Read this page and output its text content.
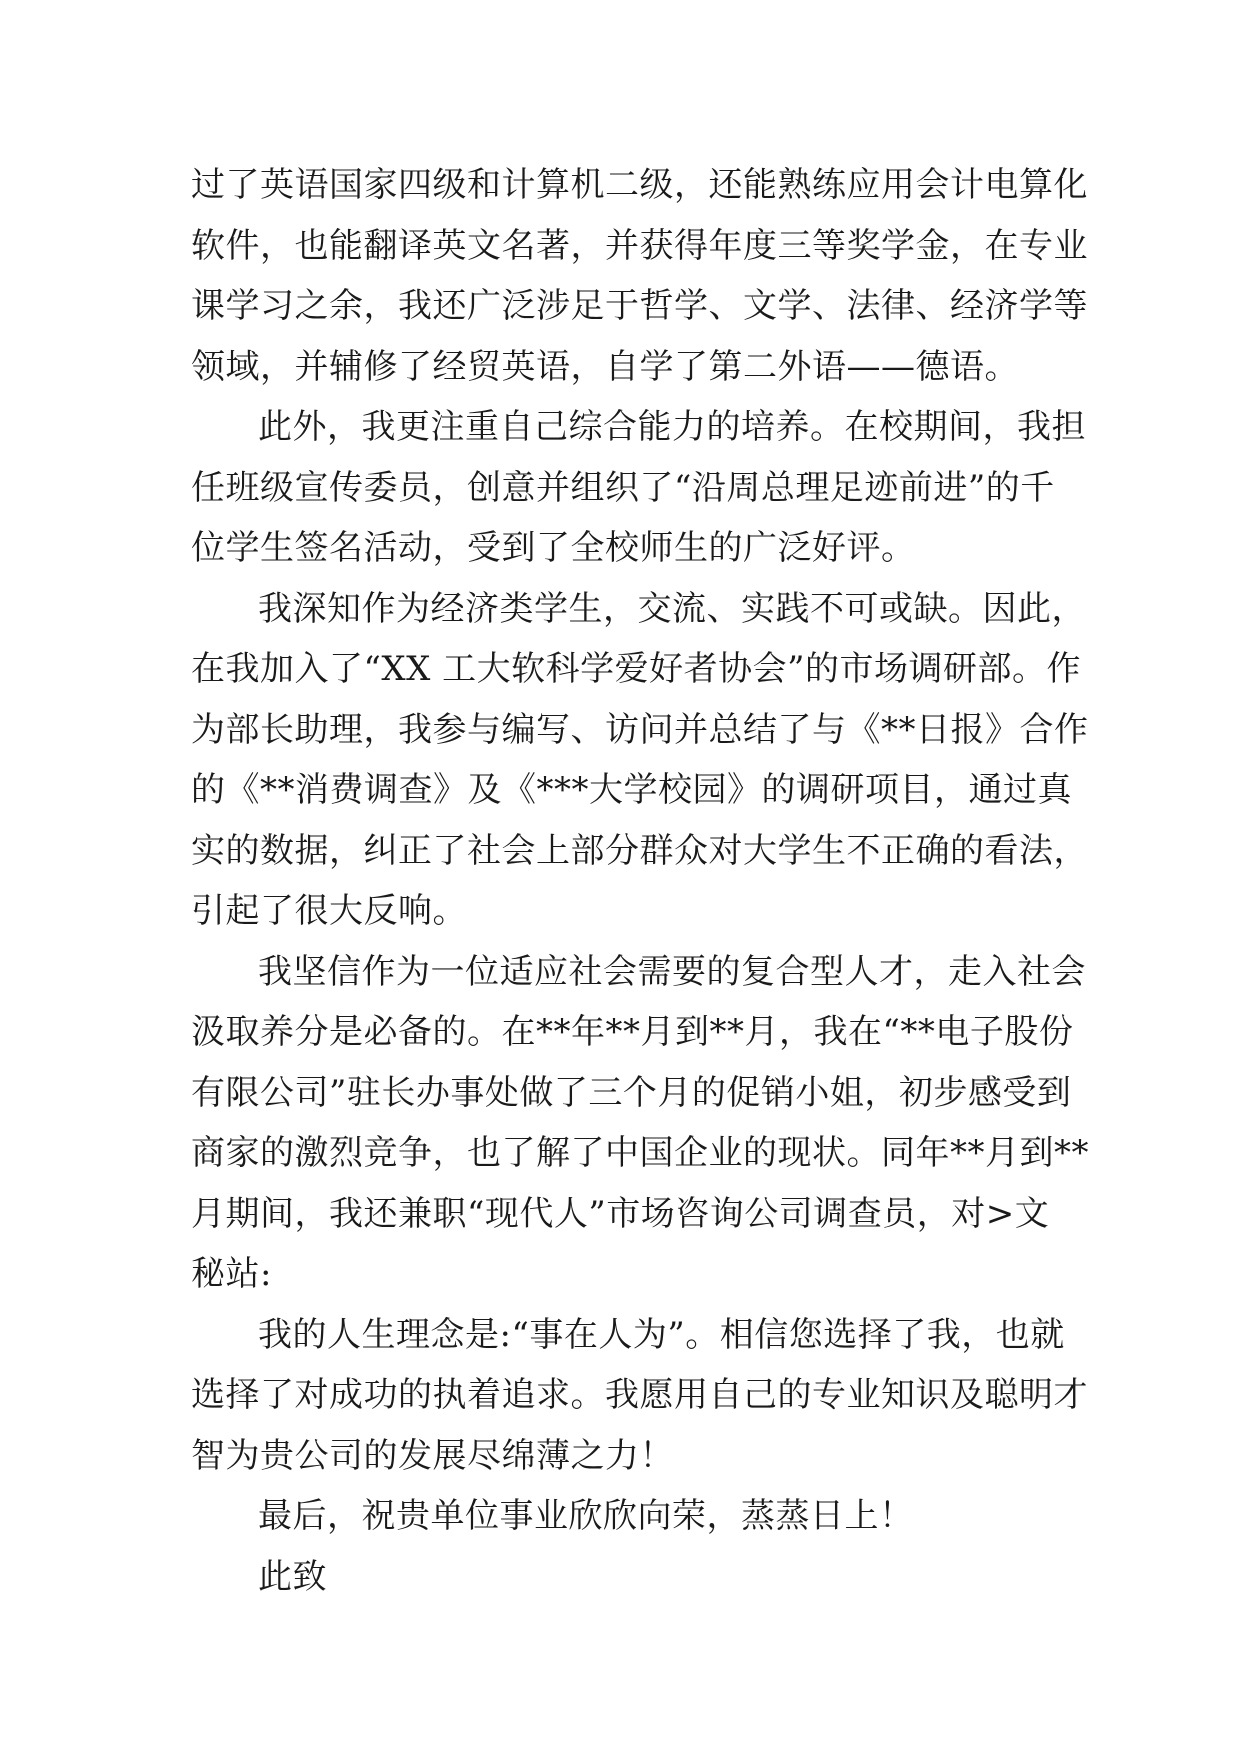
过了英语国家四级和计算机二级，还能熟练应用会计电算化
软件，也能翻译英文名著，并获得年度三等奖学金，在专业
课学习之余，我还广泛涉足于哲学、文学、法律、经济学等
领域，并辅修了经贸英语，自学了第二外语——德语。
此外，我更注重自己综合能力的培养。在校期间，我担
任班级宣传委员，创意并组织了“沿周总理足迹前进”的千
位学生签名活动，受到了全校师生的广泛好评。
我深知作为经济类学生，交流、实践不可或缺。因此，
在我加入了“XX 工大软科学爱好者协会”的市场调研部。作
为部长助理，我参与编写、访问并总结了与《**日报》合作
的《**消费调查》及《***大学校园》的调研项目，通过真
实的数据，纠正了社会上部分群众对大学生不正确的看法，
引起了很大反响。
我坚信作为一位适应社会需要的复合型人才，走入社会
汲取养分是必备的。在**年**月到**月，我在“**电子股份
有限公司”驻长办事处做了三个月的促销小姐，初步感受到
商家的激烈竞争，也了解了中国企业的现状。同年**月到**
月期间，我还兼职“现代人”市场咨询公司调查员，对>文
秘站:
我的人生理念是:“事在人为”。相信您选择了我，也就
选择了对成功的执着追求。我愿用自己的专业知识及聪明才
智为贵公司的发展尽绵薄之力！
最后，祝贵单位事业欣欣向荣，蒸蒸日上！
此致
